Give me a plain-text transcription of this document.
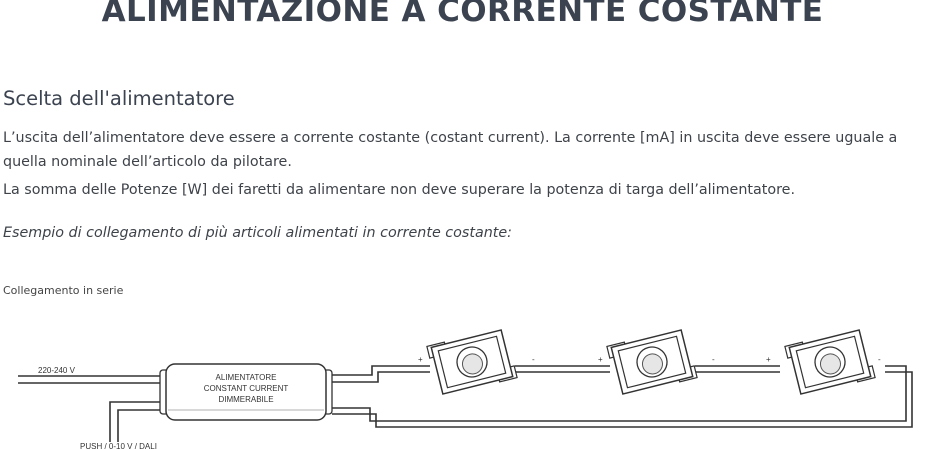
ALIMENTAZIONE A CORRENTE COSTANTE
Scelta dell'alimentatore

L’uscita dell’alimentatore deve essere a corrente costante (costant current). La corrente [mA] in uscita deve essere uguale a
quella nominale dell’articolo da pilotare.

La somma delle Potenze [W] dei faretti da alimentare non deve superare la potenza di targa dell’alimentatore.

Esempio di collegamento di più articoli alimentati in corrente costante:

Collegamento in serie

220-240 V
PUSH / 0-10 V / DALI
ALIMENTATORE
CONSTANT CURRENT
DIMMERABILE
+	-	+	-	+	-
